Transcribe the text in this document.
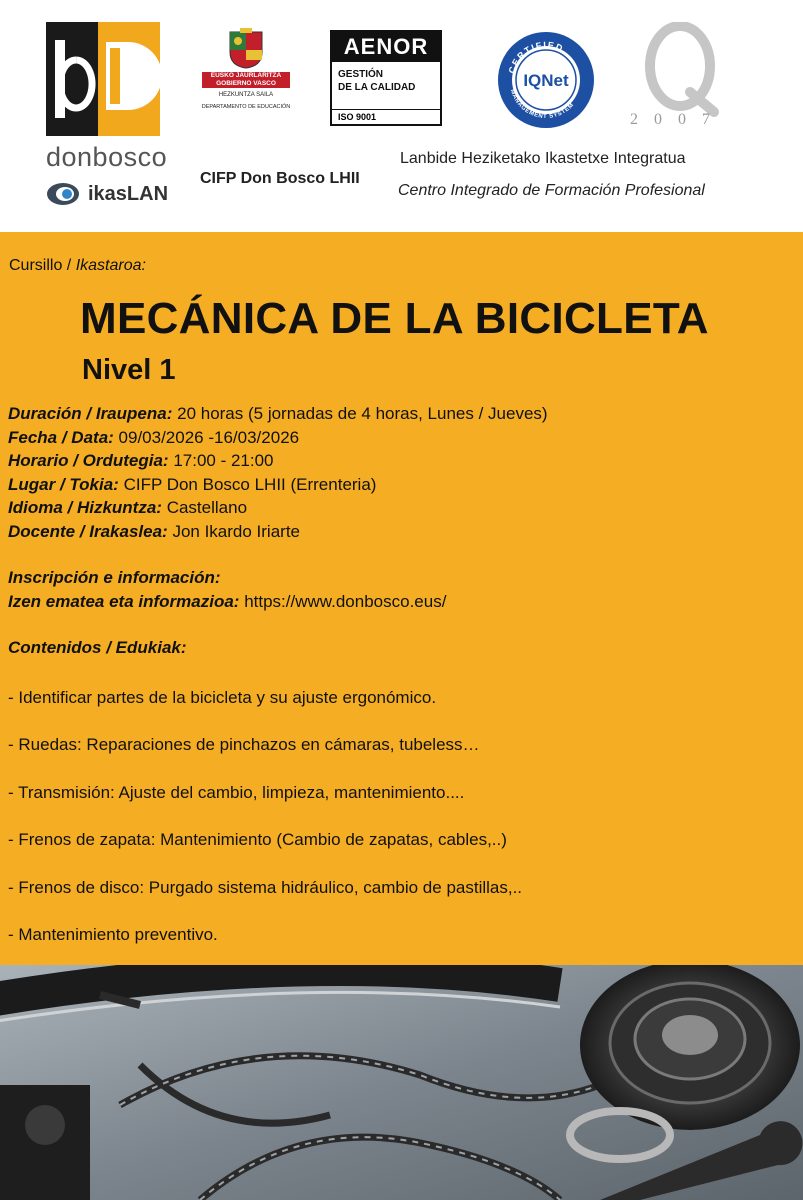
donbosco
ikasLAN
EUSKO JAURLARITZA
GOBIERNO VASCO
HEZKUNTZA SAILA
DEPARTAMENTO DE EDUCACIÓN
AENOR
GESTIÓN
DE LA CALIDAD
ISO 9001
CERTIFIED
MANAGEMENT SYSTEM
IQNet
2 0 0 7
CIFP Don Bosco LHII
Lanbide Heziketako Ikastetxe Integratua
Centro Integrado de Formación Profesional
Cursillo / Ikastaroa:
MECÁNICA DE LA BICICLETA
Nivel 1
Duración / Iraupena: 20 horas (5 jornadas de 4 horas, Lunes / Jueves)
Fecha / Data: 09/03/2026 -16/03/2026
Horario / Ordutegia: 17:00 - 21:00
Lugar / Tokia: CIFP Don Bosco LHII (Errenteria)
Idioma / Hizkuntza: Castellano
Docente / Irakaslea: Jon Ikardo Iriarte
Inscripción e información:
Izen ematea eta informazioa: https://www.donbosco.eus/
Contenidos / Edukiak:
- Identificar partes de la bicicleta y su ajuste ergonómico.
- Ruedas: Reparaciones de pinchazos en cámaras, tubeless…
- Transmisión: Ajuste del cambio, limpieza, mantenimiento....
- Frenos de zapata: Mantenimiento (Cambio de zapatas, cables,..)
- Frenos de disco: Purgado sistema hidráulico, cambio de pastillas,..
- Mantenimiento preventivo.
